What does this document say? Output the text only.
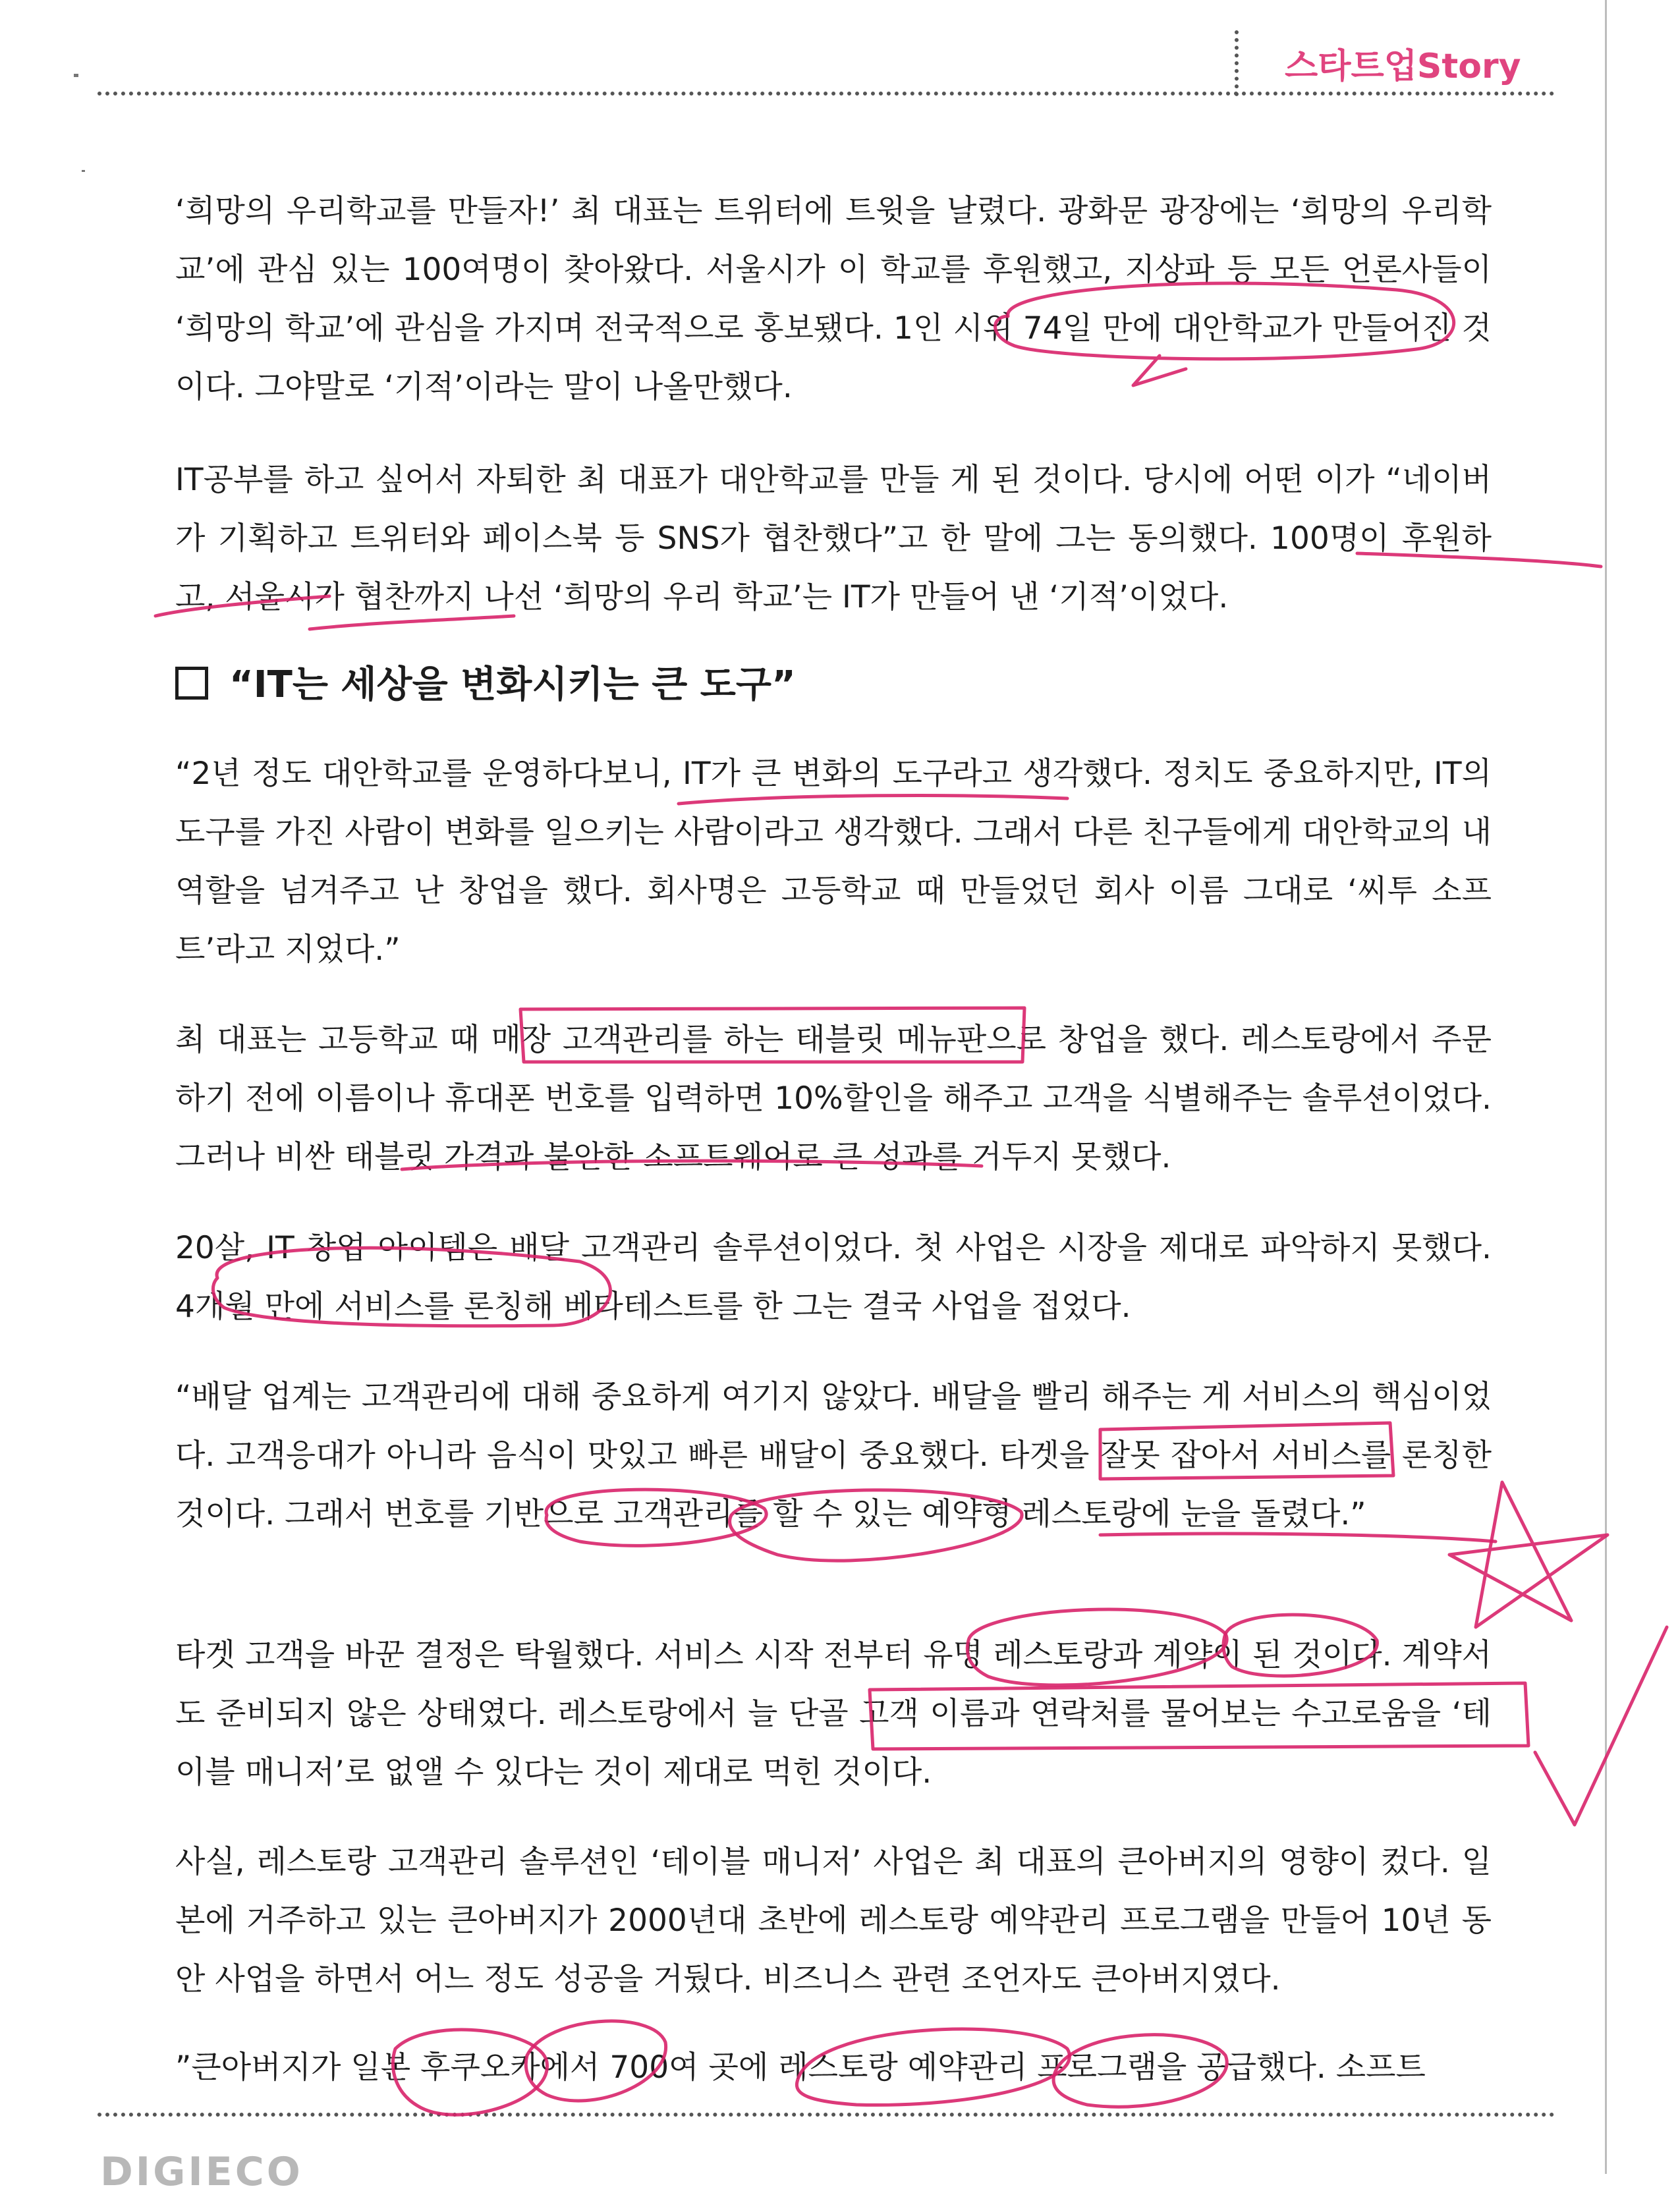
스타트업Story
‘희망의 우리학교를 만들자!’ 최 대표는 트위터에 트윗을 날렸다. 광화문 광장에는 ‘희망의 우리학교’에 관심 있는 100여명이 찾아왔다. 서울시가 이 학교를 후원했고, 지상파 등 모든 언론사들이 ‘희망의 학교’에 관심을 가지며 전국적으로 홍보됐다. 1인 시위 74일 만에 대안학교가 만들어진 것이다. 그야말로 ‘기적’이라는 말이 나올만했다.
IT공부를 하고 싶어서 자퇴한 최 대표가 대안학교를 만들 게 된 것이다. 당시에 어떤 이가 “네이버가 기획하고 트위터와 페이스북 등 SNS가 협찬했다”고 한 말에 그는 동의했다. 100명이 후원하고, 서울시가 협찬까지 나선 ‘희망의 우리 학교’는 IT가 만들어 낸 ‘기적’이었다.
“IT는 세상을 변화시키는 큰 도구”
“2년 정도 대안학교를 운영하다보니, IT가 큰 변화의 도구라고 생각했다. 정치도 중요하지만, IT의 도구를 가진 사람이 변화를 일으키는 사람이라고 생각했다. 그래서 다른 친구들에게 대안학교의 내 역할을 넘겨주고 난 창업을 했다. 회사명은 고등학교 때 만들었던 회사 이름 그대로 ‘씨투 소프트’라고 지었다.”
최 대표는 고등학교 때 매장 고객관리를 하는 태블릿 메뉴판으로 창업을 했다. 레스토랑에서 주문하기 전에 이름이나 휴대폰 번호를 입력하면 10%할인을 해주고 고객을 식별해주는 솔루션이었다. 그러나 비싼 태블릿 가격과 불안한 소프트웨어로 큰 성과를 거두지 못했다.
20살, IT 창업 아이템은 배달 고객관리 솔루션이었다. 첫 사업은 시장을 제대로 파악하지 못했다. 4개월 만에 서비스를 론칭해 베타테스트를 한 그는 결국 사업을 접었다.
“배달 업계는 고객관리에 대해 중요하게 여기지 않았다. 배달을 빨리 해주는 게 서비스의 핵심이었다. 고객응대가 아니라 음식이 맛있고 빠른 배달이 중요했다. 타겟을 잘못 잡아서 서비스를 론칭한 것이다. 그래서 번호를 기반으로 고객관리를 할 수 있는 예약형 레스토랑에 눈을 돌렸다.”
타겟 고객을 바꾼 결정은 탁월했다. 서비스 시작 전부터 유명 레스토랑과 계약이 된 것이다. 계약서도 준비되지 않은 상태였다. 레스토랑에서 늘 단골 고객 이름과 연락처를 물어보는 수고로움을 ‘테이블 매니저’로 없앨 수 있다는 것이 제대로 먹힌 것이다.
사실, 레스토랑 고객관리 솔루션인 ‘테이블 매니저’ 사업은 최 대표의 큰아버지의 영향이 컸다. 일본에 거주하고 있는 큰아버지가 2000년대 초반에 레스토랑 예약관리 프로그램을 만들어 10년 동안 사업을 하면서 어느 정도 성공을 거뒀다. 비즈니스 관련 조언자도 큰아버지였다.
”큰아버지가 일본 후쿠오카에서 700여 곳에 레스토랑 예약관리 프로그램을 공급했다. 소프트
DIGIECO
